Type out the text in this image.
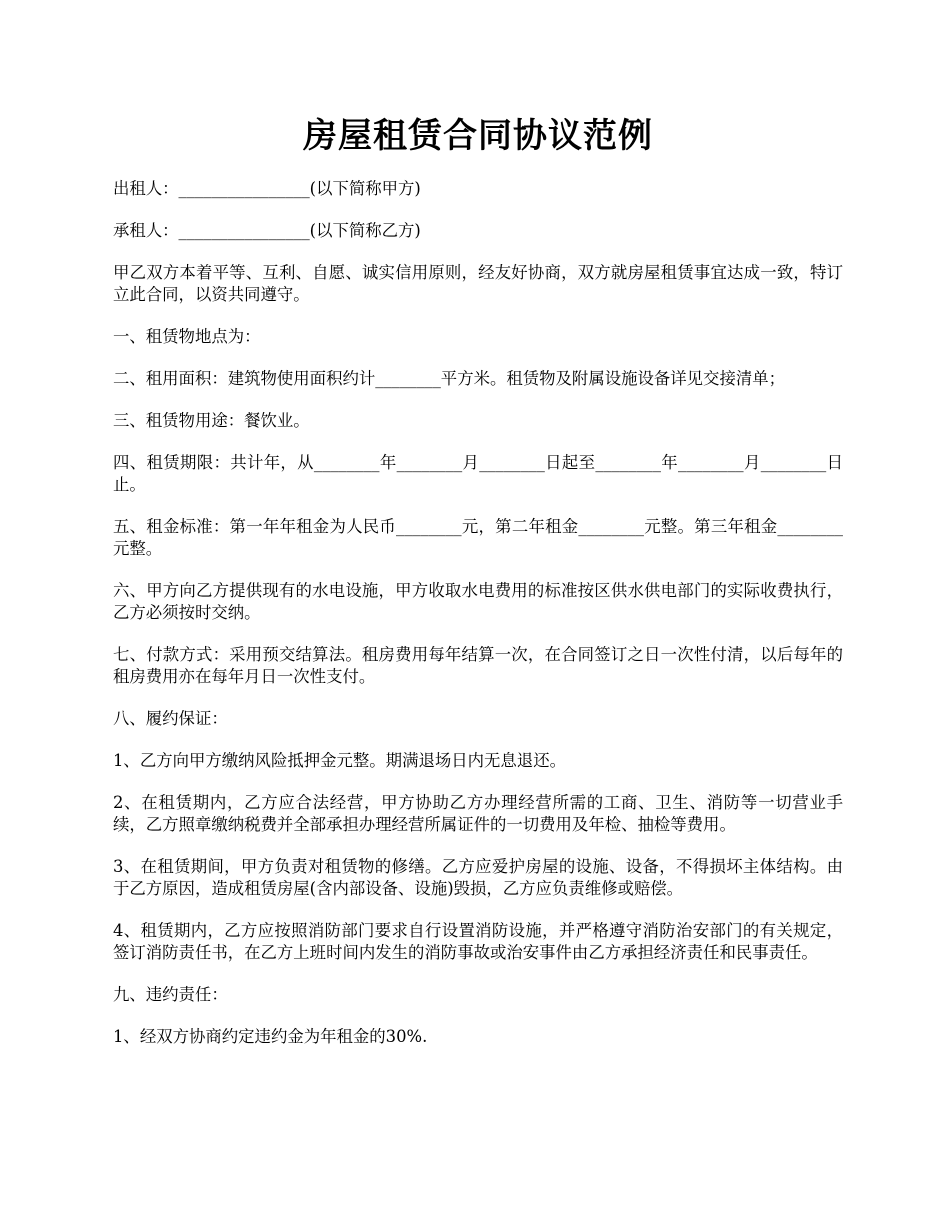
房屋租赁合同协议范例

出租人：________________(以下简称甲方)

承租人：________________(以下简称乙方)

甲乙双方本着平等、互利、自愿、诚实信用原则，经友好协商，双方就房屋租赁事宜达成一致，特订立此合同，以资共同遵守。

一、租赁物地点为：

二、租用面积：建筑物使用面积约计________平方米。租赁物及附属设施设备详见交接清单；

三、租赁物用途：餐饮业。

四、租赁期限：共计年，从________年________月________日起至________年________月________日止。

五、租金标准：第一年年租金为人民币________元，第二年租金________元整。第三年租金________元整。

六、甲方向乙方提供现有的水电设施，甲方收取水电费用的标准按区供水供电部门的实际收费执行，乙方必须按时交纳。

七、付款方式：采用预交结算法。租房费用每年结算一次，在合同签订之日一次性付清，以后每年的租房费用亦在每年月日一次性支付。

八、履约保证：

1、乙方向甲方缴纳风险抵押金元整。期满退场日内无息退还。

2、在租赁期内，乙方应合法经营，甲方协助乙方办理经营所需的工商、卫生、消防等一切营业手续，乙方照章缴纳税费并全部承担办理经营所属证件的一切费用及年检、抽检等费用。

3、在租赁期间，甲方负责对租赁物的修缮。乙方应爱护房屋的设施、设备，不得损坏主体结构。由于乙方原因，造成租赁房屋(含内部设备、设施)毁损，乙方应负责维修或赔偿。

4、租赁期内，乙方应按照消防部门要求自行设置消防设施，并严格遵守消防治安部门的有关规定，签订消防责任书，在乙方上班时间内发生的消防事故或治安事件由乙方承担经济责任和民事责任。

九、违约责任：

1、经双方协商约定违约金为年租金的30%.
